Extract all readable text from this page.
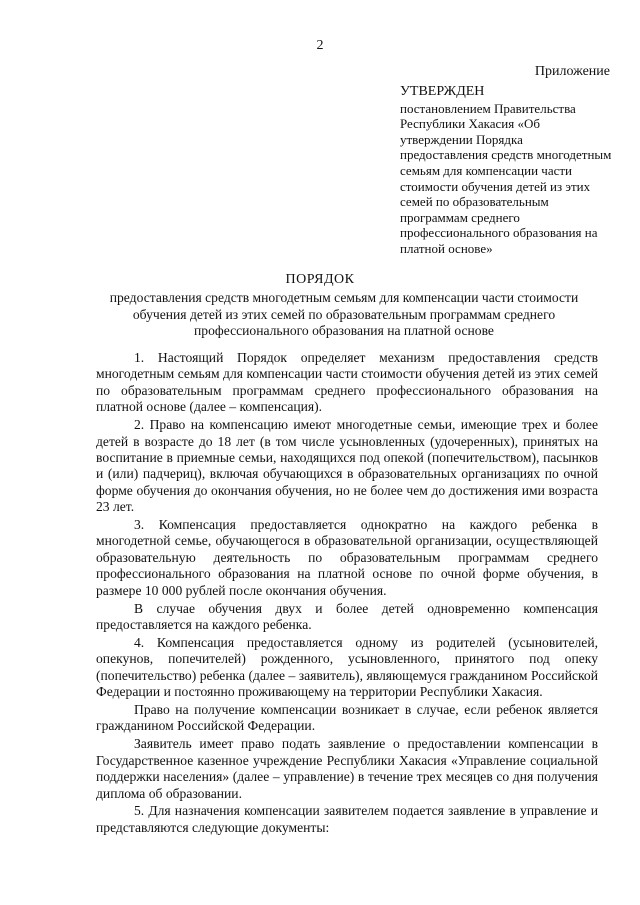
2
Приложение
УТВЕРЖДЕН
постановлением Правительства Республики Хакасия «Об утверждении Порядка предоставления средств многодетным семьям для компенсации части стоимости обучения детей из этих семей по образовательным программам среднего профессионального образования на платной основе»
ПОРЯДОК
предоставления средств многодетным семьям для компенсации части стоимости обучения детей из этих семей по образовательным программам среднего профессионального образования на платной основе

1. Настоящий Порядок определяет механизм предоставления средств многодетным семьям для компенсации части стоимости обучения детей из этих семей по образовательным программам среднего профессионального образования на платной основе (далее – компенсация).

2. Право на компенсацию имеют многодетные семьи, имеющие трех и более детей в возрасте до 18 лет (в том числе усыновленных (удочеренных), принятых на воспитание в приемные семьи, находящихся под опекой (попечительством), пасынков и (или) падчериц), включая обучающихся в образовательных организациях по очной форме обучения до окончания обучения, но не более чем до достижения ими возраста 23 лет.

3. Компенсация предоставляется однократно на каждого ребенка в многодетной семье, обучающегося в образовательной организации, осуществляющей образовательную деятельность по образовательным программам среднего профессионального образования на платной основе по очной форме обучения, в размере 10 000 рублей после окончания обучения.

В случае обучения двух и более детей одновременно компенсация предоставляется на каждого ребенка.

4. Компенсация предоставляется одному из родителей (усыновителей, опекунов, попечителей) рожденного, усыновленного, принятого под опеку (попечительство) ребенка (далее – заявитель), являющемуся гражданином Российской Федерации и постоянно проживающему на территории Республики Хакасия.

Право на получение компенсации возникает в случае, если ребенок является гражданином Российской Федерации.

Заявитель имеет право подать заявление о предоставлении компенсации в Государственное казенное учреждение Республики Хакасия «Управление социальной поддержки населения» (далее – управление) в течение трех месяцев со дня получения диплома об образовании.

5. Для назначения компенсации заявителем подается заявление в управление и представляются следующие документы:
